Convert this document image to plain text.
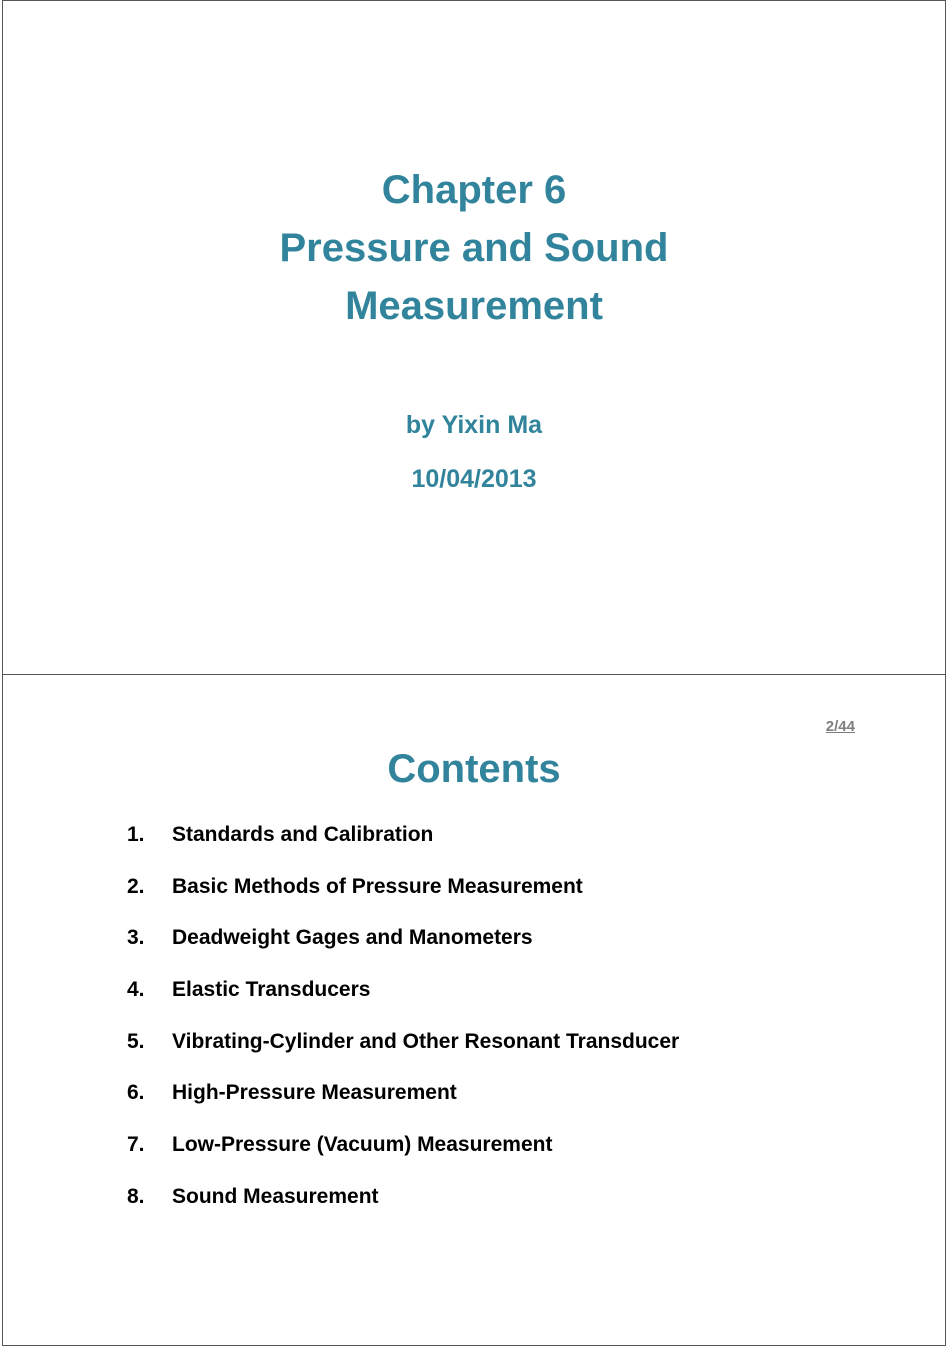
Chapter 6
Pressure and Sound
Measurement
by Yixin Ma
10/04/2013
2/44
Contents
1.	Standards and Calibration
2.	Basic Methods of Pressure Measurement
3.	Deadweight Gages and Manometers
4.	Elastic Transducers
5.	Vibrating-Cylinder and Other Resonant Transducer
6.	High-Pressure Measurement
7.	Low-Pressure (Vacuum) Measurement
8.	Sound Measurement
